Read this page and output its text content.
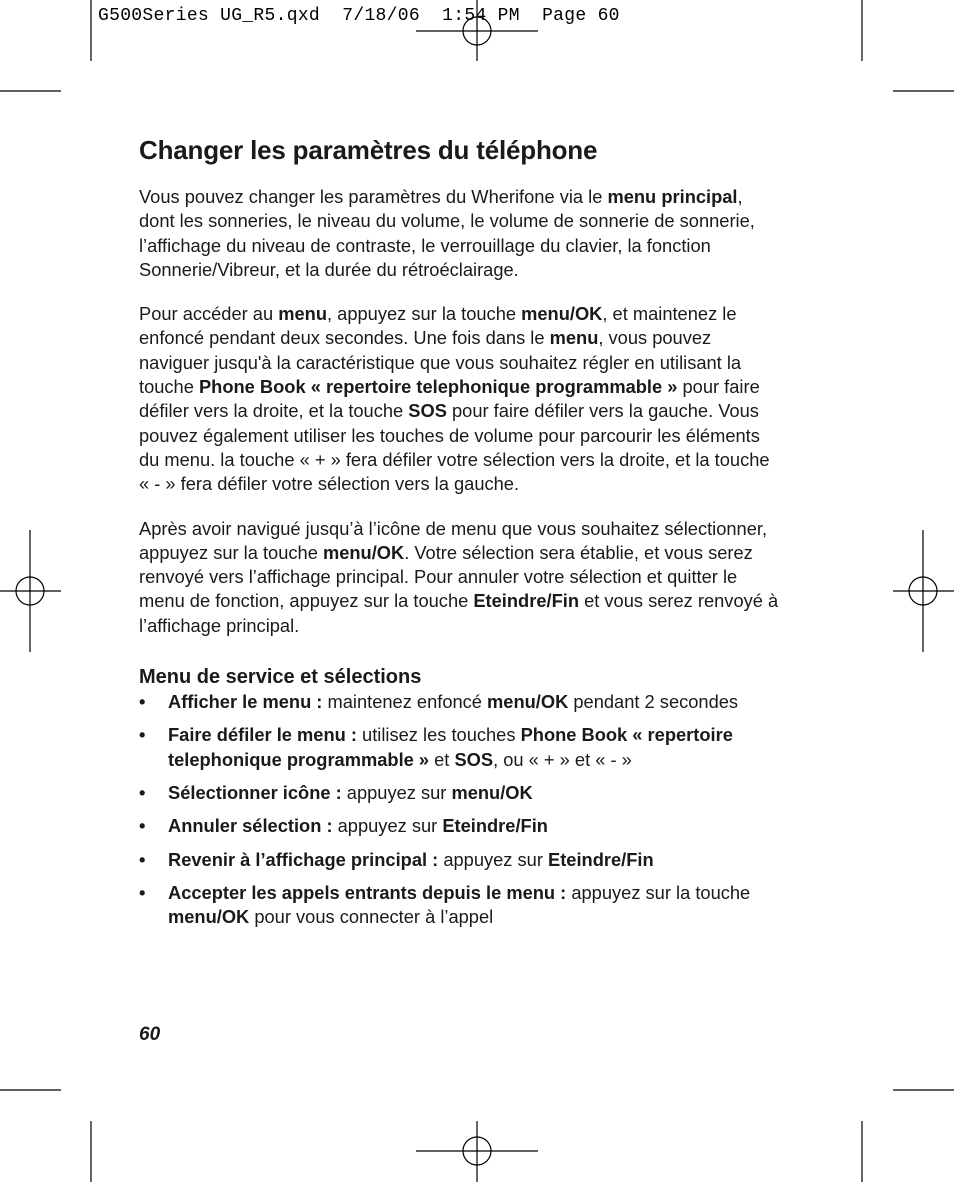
G500Series UG_R5.qxd  7/18/06  1:54 PM  Page 60
Changer les paramètres du téléphone

Vous pouvez changer les paramètres du Wherifone via le menu principal, dont les sonneries, le niveau du volume, le volume de sonnerie de sonnerie, l’affichage du niveau de contraste, le verrouillage du clavier, la fonction Sonnerie/Vibreur, et la durée du rétroéclairage.

Pour accéder au menu, appuyez sur la touche menu/OK, et maintenez le enfoncé pendant deux secondes. Une fois dans le menu, vous pouvez naviguer jusqu'à la caractéristique que vous souhaitez régler en utilisant la touche Phone Book « repertoire telephonique programmable » pour faire défiler vers la droite, et la touche SOS pour faire défiler vers la gauche. Vous pouvez également utiliser les touches de volume pour parcourir les éléments du menu. la touche « + » fera défiler votre sélection vers la droite, et la touche « - » fera défiler votre sélection vers la gauche.

Après avoir navigué jusqu’à l’icône de menu que vous souhaitez sélectionner, appuyez sur la touche menu/OK. Votre sélection sera établie, et vous serez renvoyé vers l’affichage principal. Pour annuler votre sélection et quitter le menu de fonction, appuyez sur la touche Eteindre/Fin et vous serez renvoyé à l’affichage principal.

Menu de service et sélections
• Afficher le menu : maintenez enfoncé menu/OK pendant 2 secondes
• Faire défiler le menu : utilisez les touches Phone Book « repertoire telephonique programmable » et SOS, ou « + » et « - »
• Sélectionner icône : appuyez sur menu/OK
• Annuler sélection : appuyez sur Eteindre/Fin
• Revenir à l’affichage principal : appuyez sur Eteindre/Fin
• Accepter les appels entrants depuis le menu : appuyez sur la touche menu/OK pour vous connecter à l’appel
60
